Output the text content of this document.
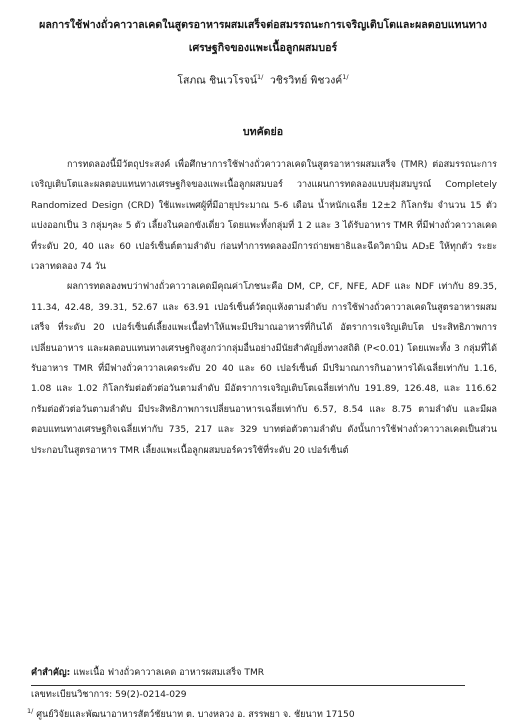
ผลการใช้ฟางถั่วคาวาลเคดในสูตรอาหารผสมเสร็จต่อสมรรถนะการเจริญเติบโตและผลตอบแทนทางเศรษฐกิจของแพะเนื้อลูกผสมบอร์
โสภณ ชินเวโรจน์$^{1/}$ วชิรวิทย์ พิชวงค์$^{1/}$
บทคัดย่อ

การทดลองนี้มีวัตถุประสงค์ เพื่อศึกษาการใช้ฟางถั่วคาวาลเคดในสูตรอาหารผสมเสร็จ (TMR) ต่อสมรรถนะการเจริญเติบโตและผลตอบแทนทางเศรษฐกิจของแพะเนื้อลูกผสมบอร์ วางแผนการทดลองแบบสุ่มสมบูรณ์ Completely Randomized Design (CRD) ใช้แพะเพศผู้ที่มีอายุประมาณ 5-6 เดือน น้ำหนักเฉลี่ย 12±2 กิโลกรัม จำนวน 15 ตัว แบ่งออกเป็น 3 กลุ่มๆละ 5 ตัว เลี้ยงในคอกขังเดี่ยว โดยแพะทั้งกลุ่มที่ 1 2 และ 3 ได้รับอาหาร TMR ที่มีฟางถั่วคาวาลเคดที่ระดับ 20, 40 และ 60 เปอร์เซ็นต์ตามลำดับ ก่อนทำการทดลองมีการถ่ายพยาธิและฉีดวิตามิน AD₃E ให้ทุกตัว ระยะเวลาทดลอง 74 วัน

ผลการทดลองพบว่าฟางถั่วคาวาลเคดมีคุณค่าโภชนะคือ DM, CP, CF, NFE, ADF และ NDF เท่ากับ 89.35, 11.34, 42.48, 39.31, 52.67 และ 63.91 เปอร์เซ็นต์วัตถุแห้งตามลำดับ การใช้ฟางถั่วคาวาลเคดในสูตรอาหารผสมเสร็จ ที่ระดับ 20 เปอร์เซ็นต์เลี้ยงแพะเนื้อทำให้แพะมีปริมาณอาหารที่กินได้ อัตราการเจริญเติบโต ประสิทธิภาพการเปลี่ยนอาหาร และผลตอบแทนทางเศรษฐกิจสูงกว่ากลุ่มอื่นอย่างมีนัยสำคัญยิ่งทางสถิติ (P<0.01) โดยแพะทั้ง 3 กลุ่มที่ได้รับอาหาร TMR ที่มีฟางถั่วคาวาลเคดระดับ 20 40 และ 60 เปอร์เซ็นต์ มีปริมาณการกินอาหารได้เฉลี่ยเท่ากับ 1.16, 1.08 และ 1.02 กิโลกรัมต่อตัวต่อวันตามลำดับ มีอัตราการเจริญเติบโตเฉลี่ยเท่ากับ 191.89, 126.48, และ 116.62 กรัมต่อตัวต่อวันตามลำดับ มีประสิทธิภาพการเปลี่ยนอาหารเฉลี่ยเท่ากับ 6.57, 8.54 และ 8.75 ตามลำดับ และมีผลตอบแทนทางเศรษฐกิจเฉลี่ยเท่ากับ 735, 217 และ 329 บาทต่อตัวตามลำดับ ดังนั้นการใช้ฟางถั่วคาวาลเคดเป็นส่วนประกอบในสูตรอาหาร TMR เลี้ยงแพะเนื้อลูกผสมบอร์ควรใช้ที่ระดับ 20 เปอร์เซ็นต์

คำสำคัญ: แพะเนื้อ ฟางถั่วคาวาลเคด อาหารผสมเสร็จ TMR
เลขทะเบียนวิชาการ: 59(2)-0214-029
$^{1/}$ ศูนย์วิจัยและพัฒนาอาหารสัตว์ชัยนาท ต. บางหลวง อ. สรรพยา จ. ชัยนาท 17150
